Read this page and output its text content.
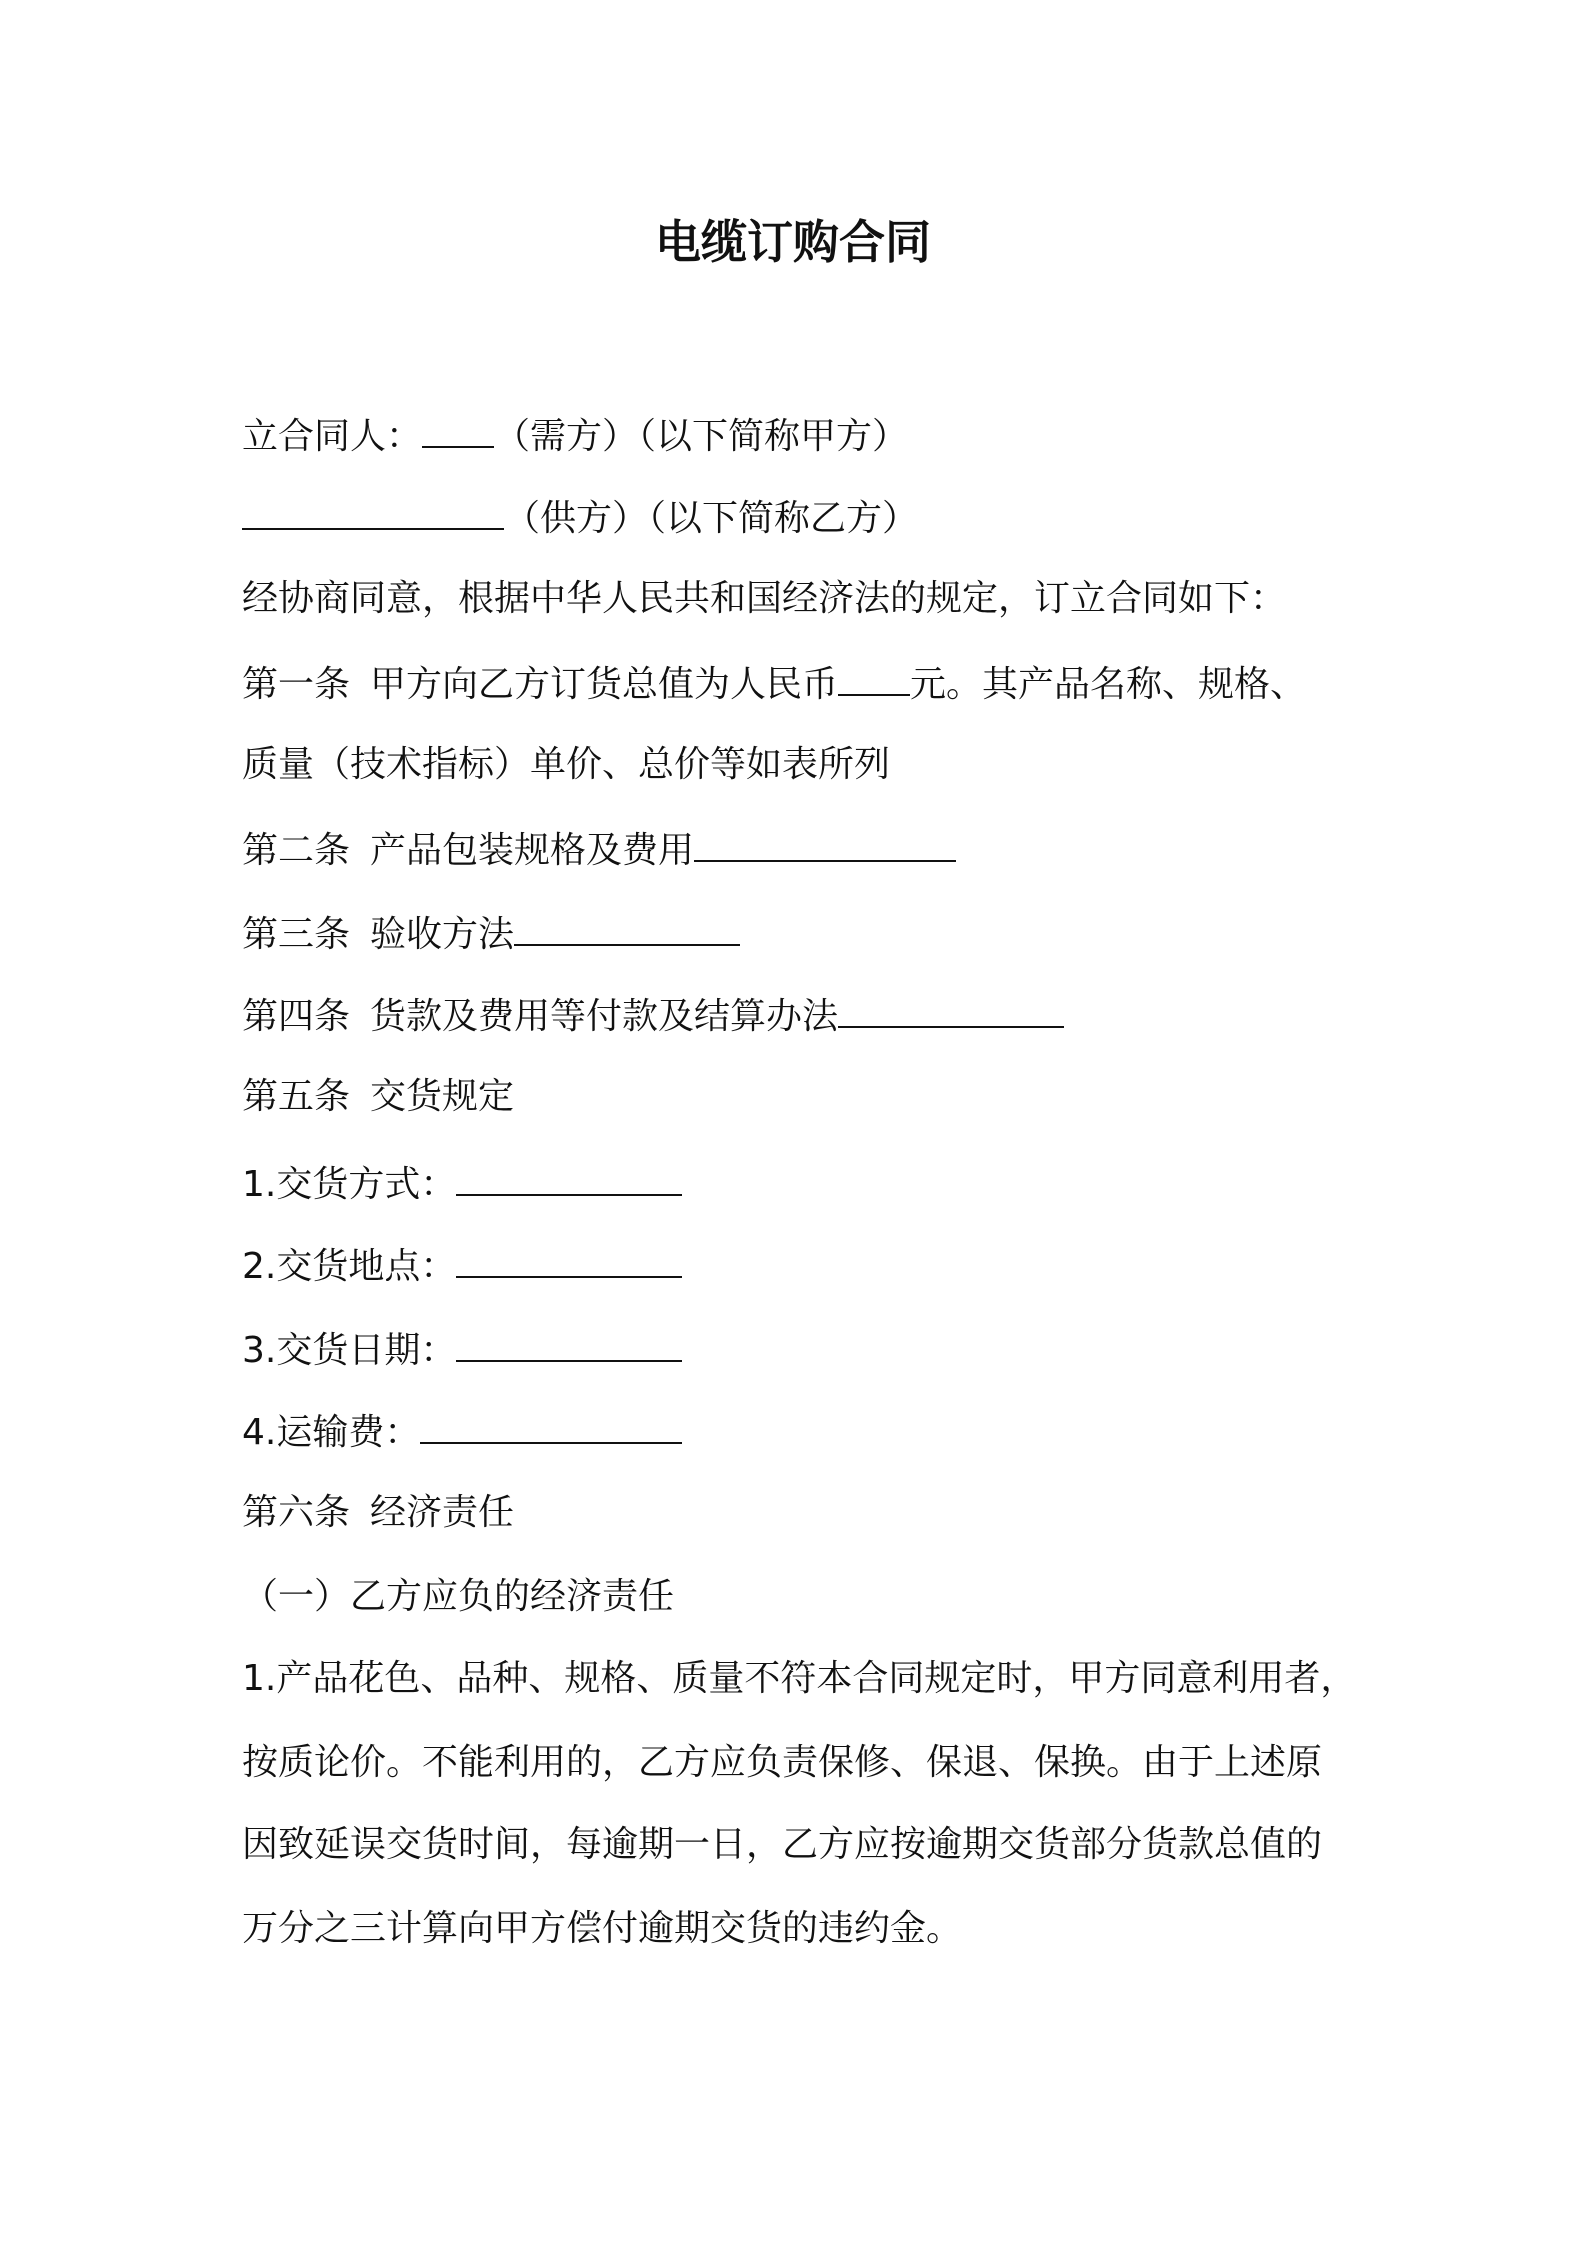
电缆订购合同
立合同人： （需方）（以下简称甲方）
（供方）（以下简称乙方）
经协商同意，根据中华人民共和国经济法的规定，订立合同如下：
第一条 甲方向乙方订货总值为人民币 元。其产品名称、规格、
质量（技术指标）单价、总价等如表所列
第二条 产品包装规格及费用
第三条 验收方法
第四条 货款及费用等付款及结算办法
第五条 交货规定
1.交货方式：
2.交货地点：
3.交货日期：
4.运输费：
第六条 经济责任
（一）乙方应负的经济责任
1.产品花色、品种、规格、质量不符本合同规定时，甲方同意利用者，
按质论价。不能利用的，乙方应负责保修、保退、保换。由于上述原
因致延误交货时间，每逾期一日，乙方应按逾期交货部分货款总值的
万分之三计算向甲方偿付逾期交货的违约金。
